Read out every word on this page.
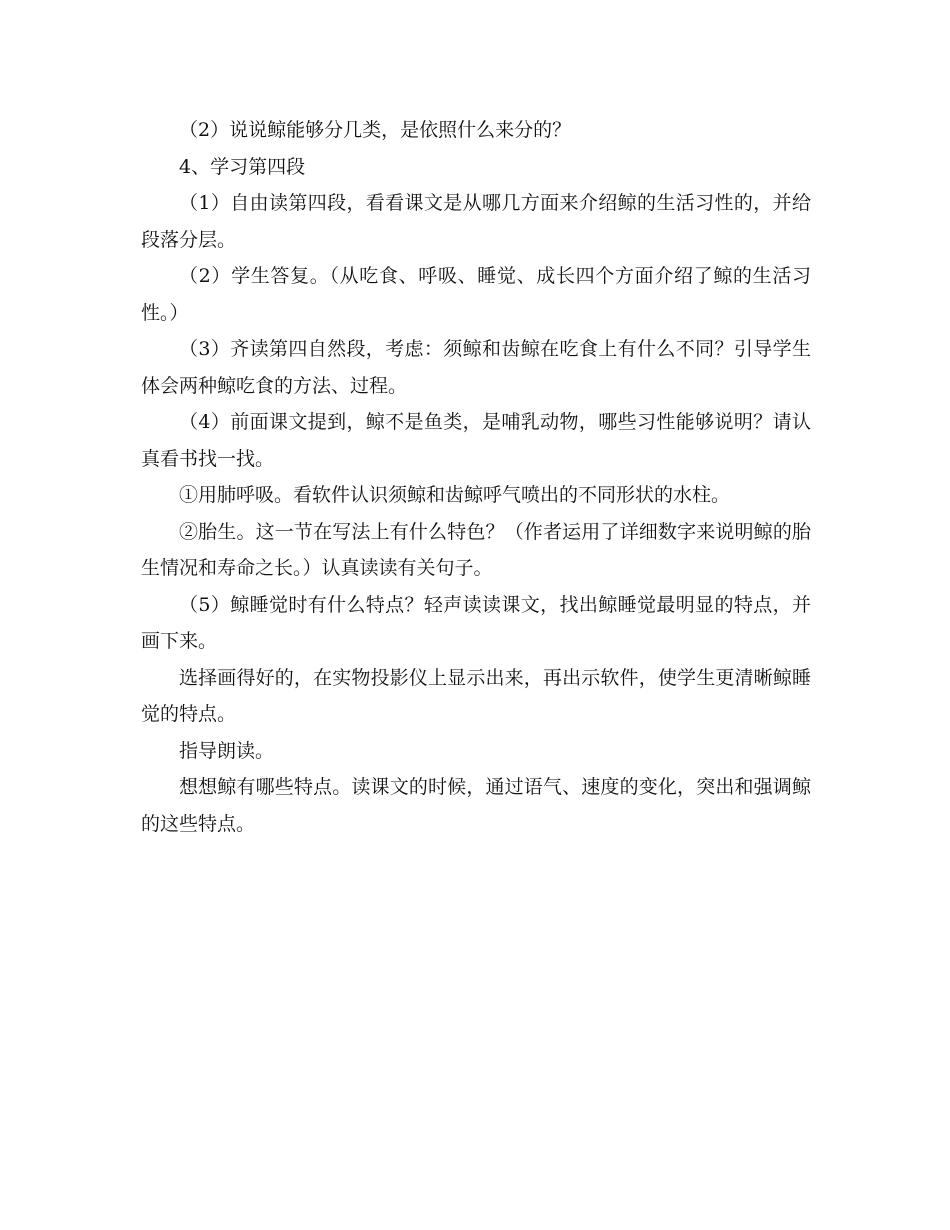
（2）说说鲸能够分几类，是依照什么来分的？

4、学习第四段

（1）自由读第四段，看看课文是从哪几方面来介绍鲸的生活习性的，并给段落分层。

（2）学生答复。（从吃食、呼吸、睡觉、成长四个方面介绍了鲸的生活习性。）

（3）齐读第四自然段，考虑：须鲸和齿鲸在吃食上有什么不同？引导学生体会两种鲸吃食的方法、过程。

（4）前面课文提到，鲸不是鱼类，是哺乳动物，哪些习性能够说明？请认真看书找一找。

①用肺呼吸。看软件认识须鲸和齿鲸呼气喷出的不同形状的水柱。

②胎生。这一节在写法上有什么特色？（作者运用了详细数字来说明鲸的胎生情况和寿命之长。）认真读读有关句子。

（5）鲸睡觉时有什么特点？轻声读读课文，找出鲸睡觉最明显的特点，并画下来。

选择画得好的，在实物投影仪上显示出来，再出示软件，使学生更清晰鲸睡觉的特点。

指导朗读。

想想鲸有哪些特点。读课文的时候，通过语气、速度的变化，突出和强调鲸的这些特点。
